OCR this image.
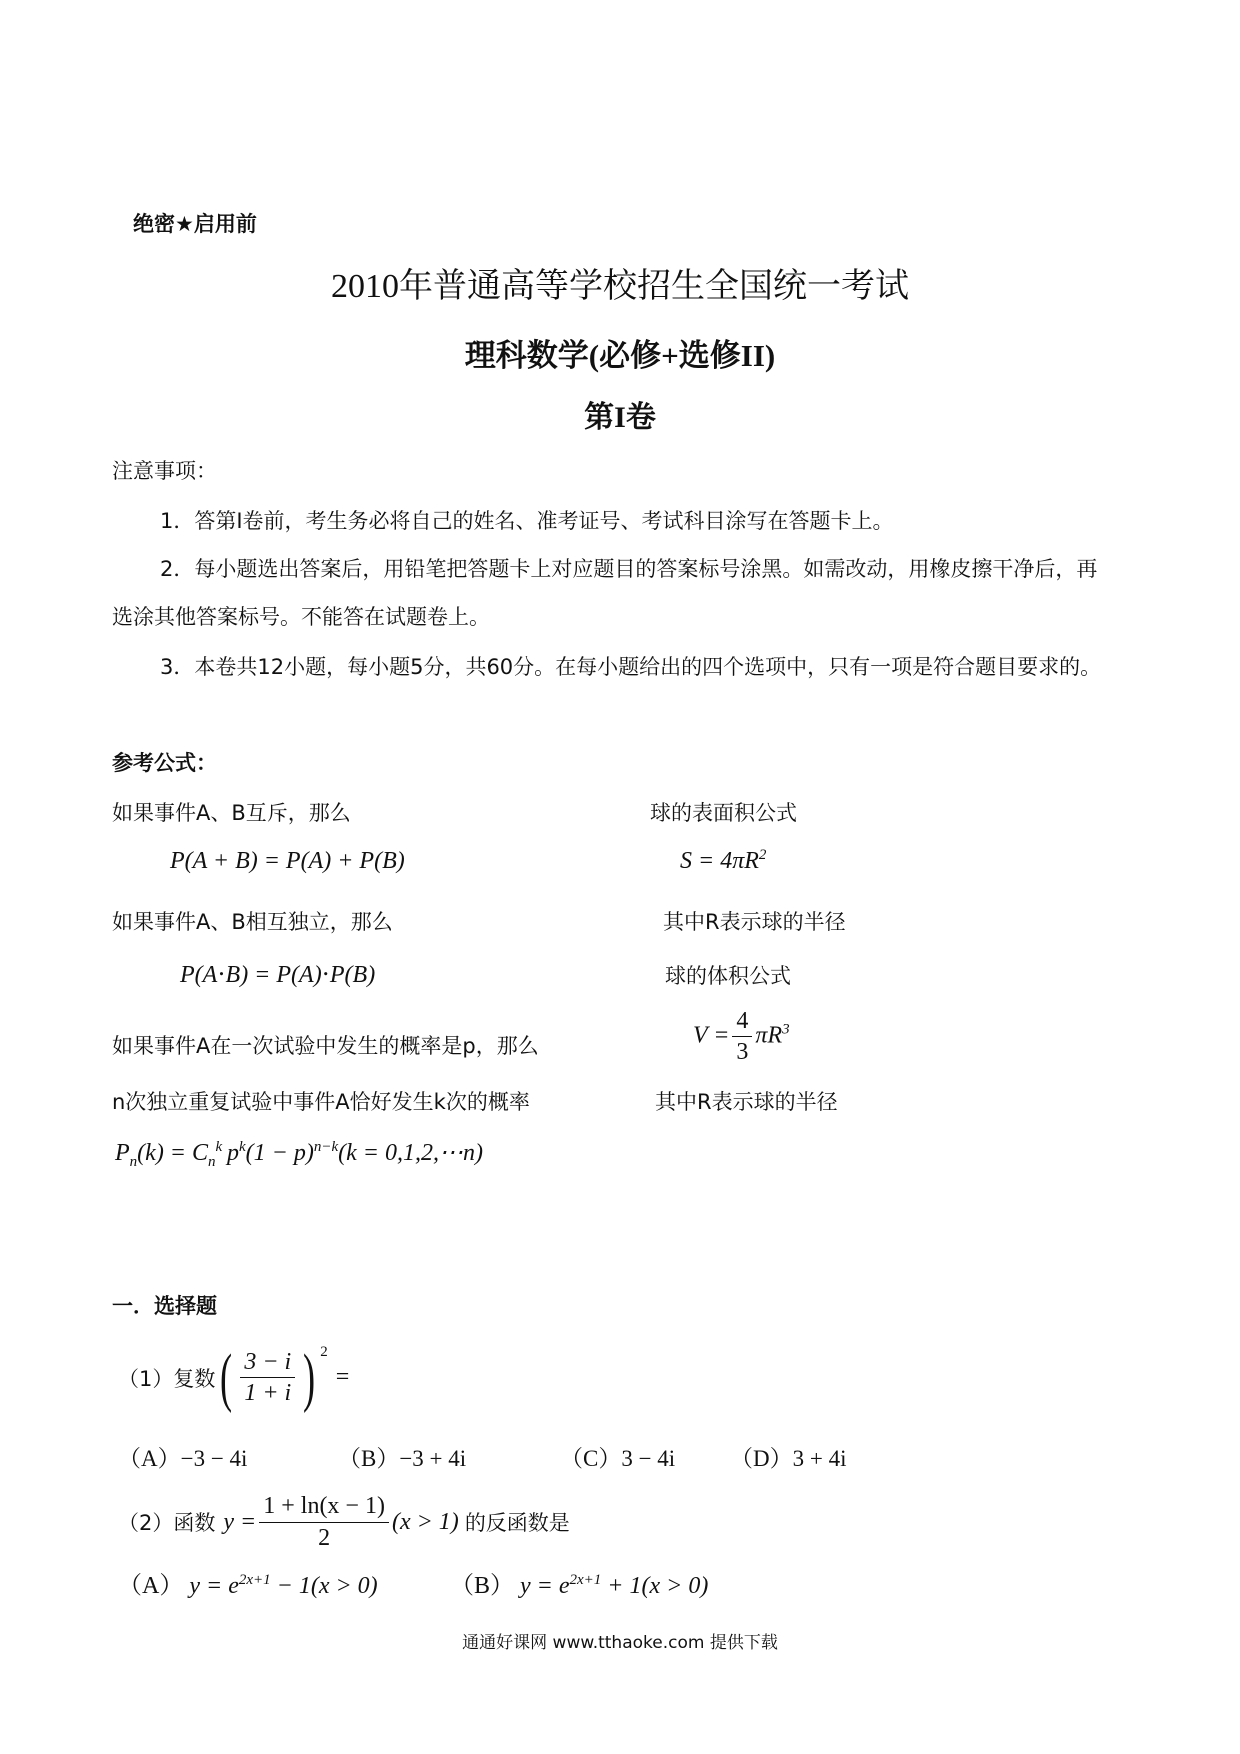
绝密★启用前
2010年普通高等学校招生全国统一考试
理科数学(必修+选修II)
第I卷
注意事项：
1．答第I卷前，考生务必将自己的姓名、准考证号、考试科目涂写在答题卡上。
2．每小题选出答案后，用铅笔把答题卡上对应题目的答案标号涂黑。如需改动，用橡皮擦干净后，再
选涂其他答案标号。不能答在试题卷上。
3．本卷共12小题，每小题5分，共60分。在每小题给出的四个选项中，只有一项是符合题目要求的。
参考公式：
如果事件A、B互斥，那么
P(A + B) = P(A) + P(B)
如果事件A、B相互独立，那么
P(A⋅B) = P(A)⋅P(B)
如果事件A在一次试验中发生的概率是p，那么
n次独立重复试验中事件A恰好发生k次的概率
$P_n(k) = C_n^k$ $p^k(1 - p)^{n-k}(k$ = 0,1,2,⋯n)
球的表面积公式
$S = 4\pi R^2$
其中R表示球的半径
球的体积公式
$V = \frac{4}{3} \pi R^3$
其中R表示球的半径
一．选择题
（1）复数 ( $\frac{3 - i}{1 + i}$ ) $^2$
=
（A）−3 − 4i	（B）−3 + 4i	（C）3 − 4i （D）3 + 4i
（2）函数 $y = \frac{1 + \ln(x - 1)}{2} (x > 1)$ 的反函数是
（A） $y = e^{2x+1} - 1(x > 0)$	（B） $y = e^{2x+1} + 1(x > 0)$
通通好课网 www.tthaoke.com 提供下载
